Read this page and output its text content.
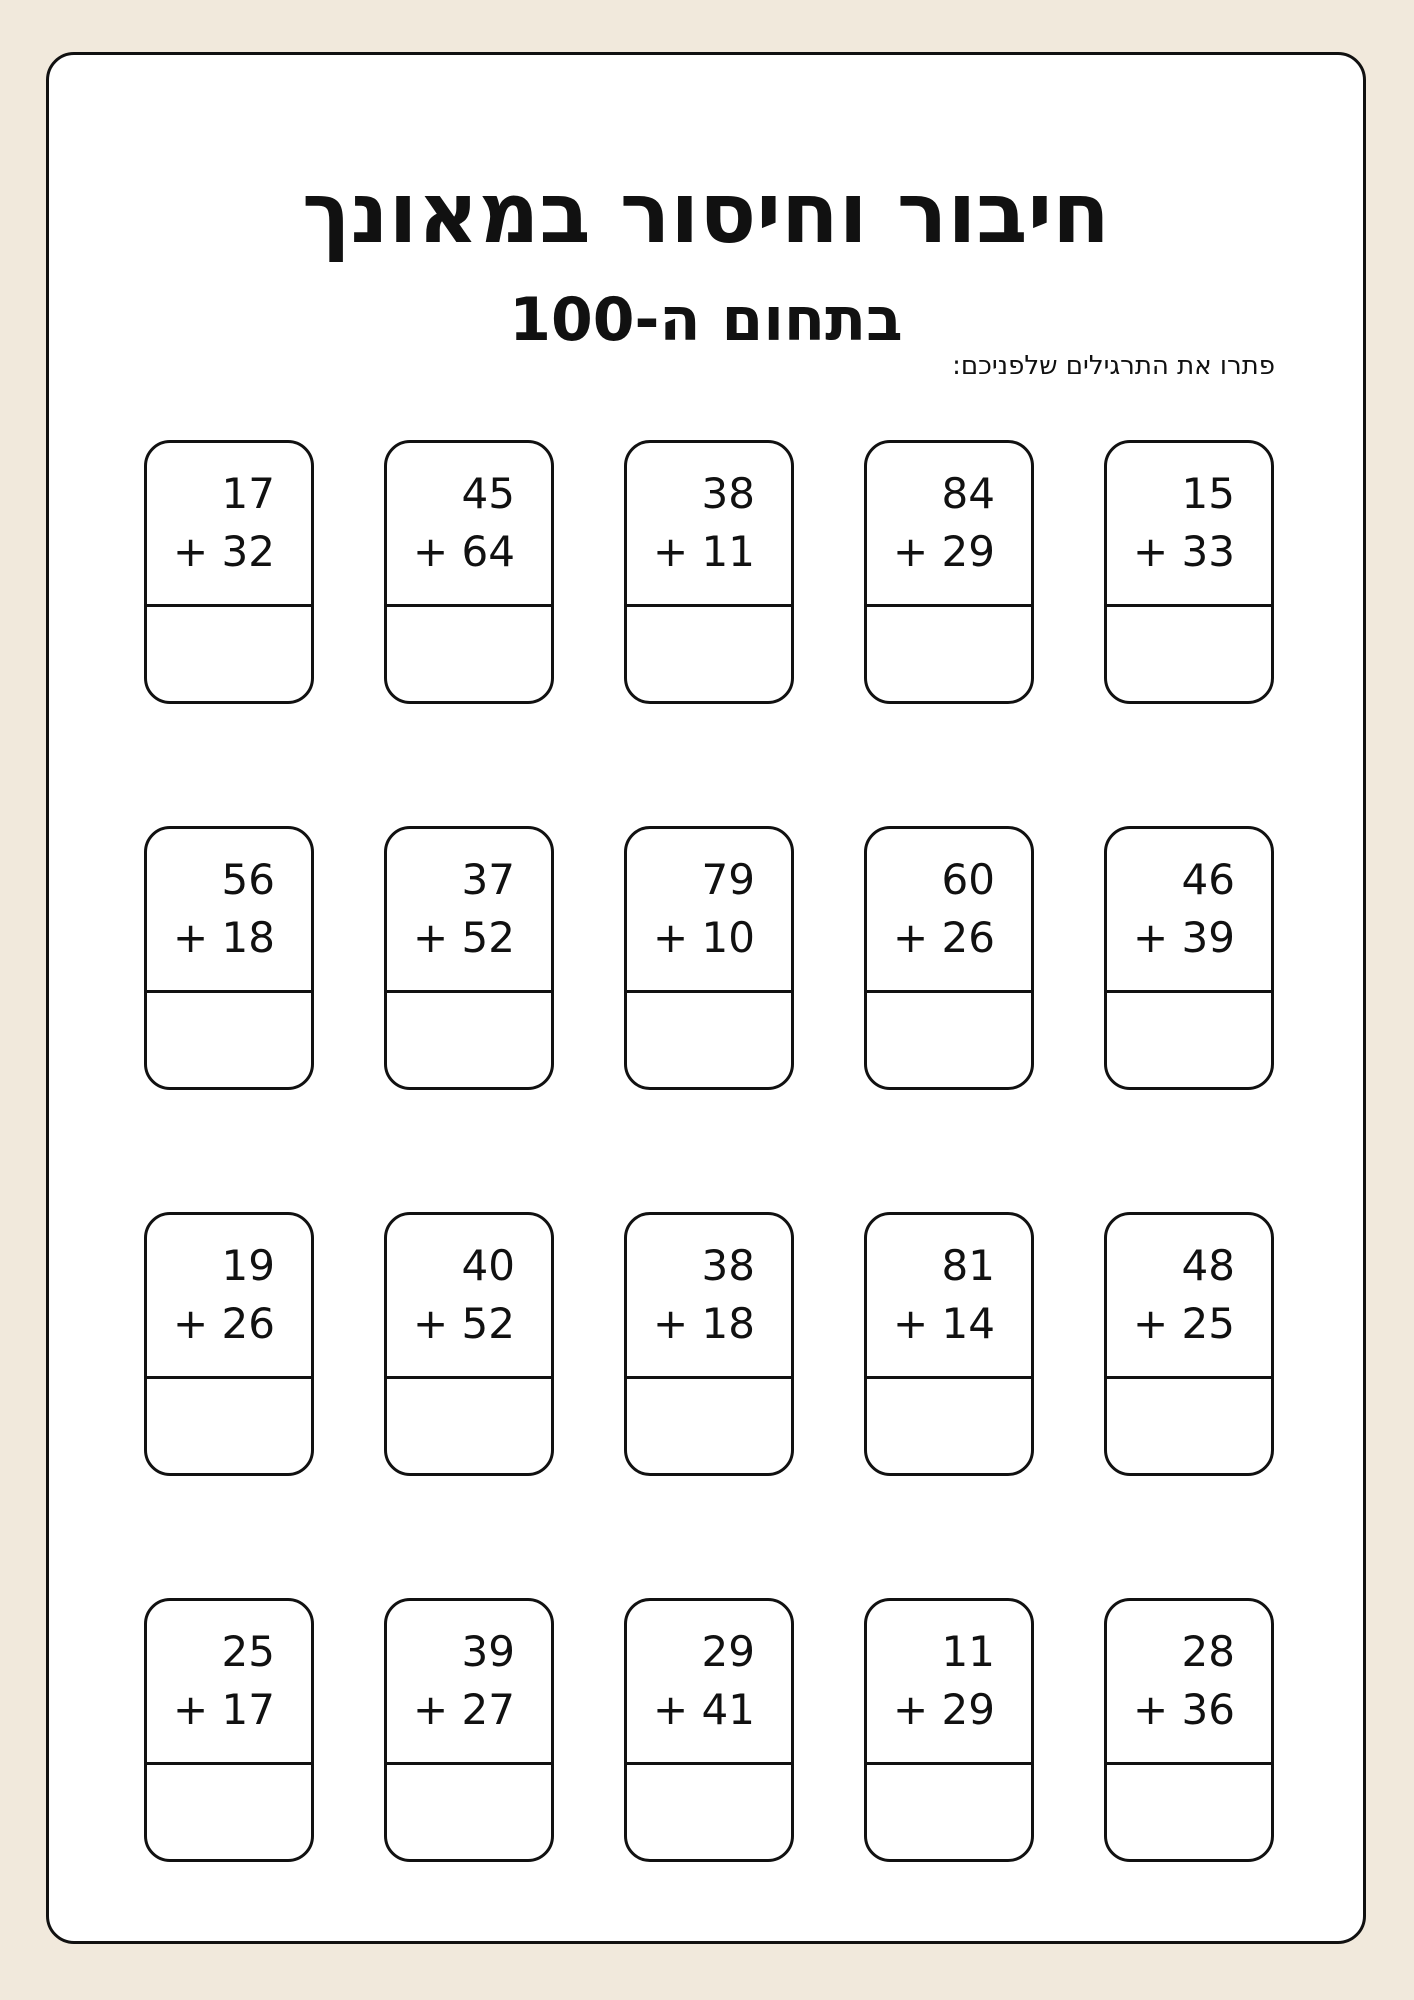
חיבור וחיסור במאונך
בתחום ה-100
פתרו את התרגילים שלפניכם:
17
+ 32
45
+ 64
38
+ 11
84
+ 29
15
+ 33
56
+ 18
37
+ 52
79
+ 10
60
+ 26
46
+ 39
19
+ 26
40
+ 52
38
+ 18
81
+ 14
48
+ 25
25
+ 17
39
+ 27
29
+ 41
11
+ 29
28
+ 36
